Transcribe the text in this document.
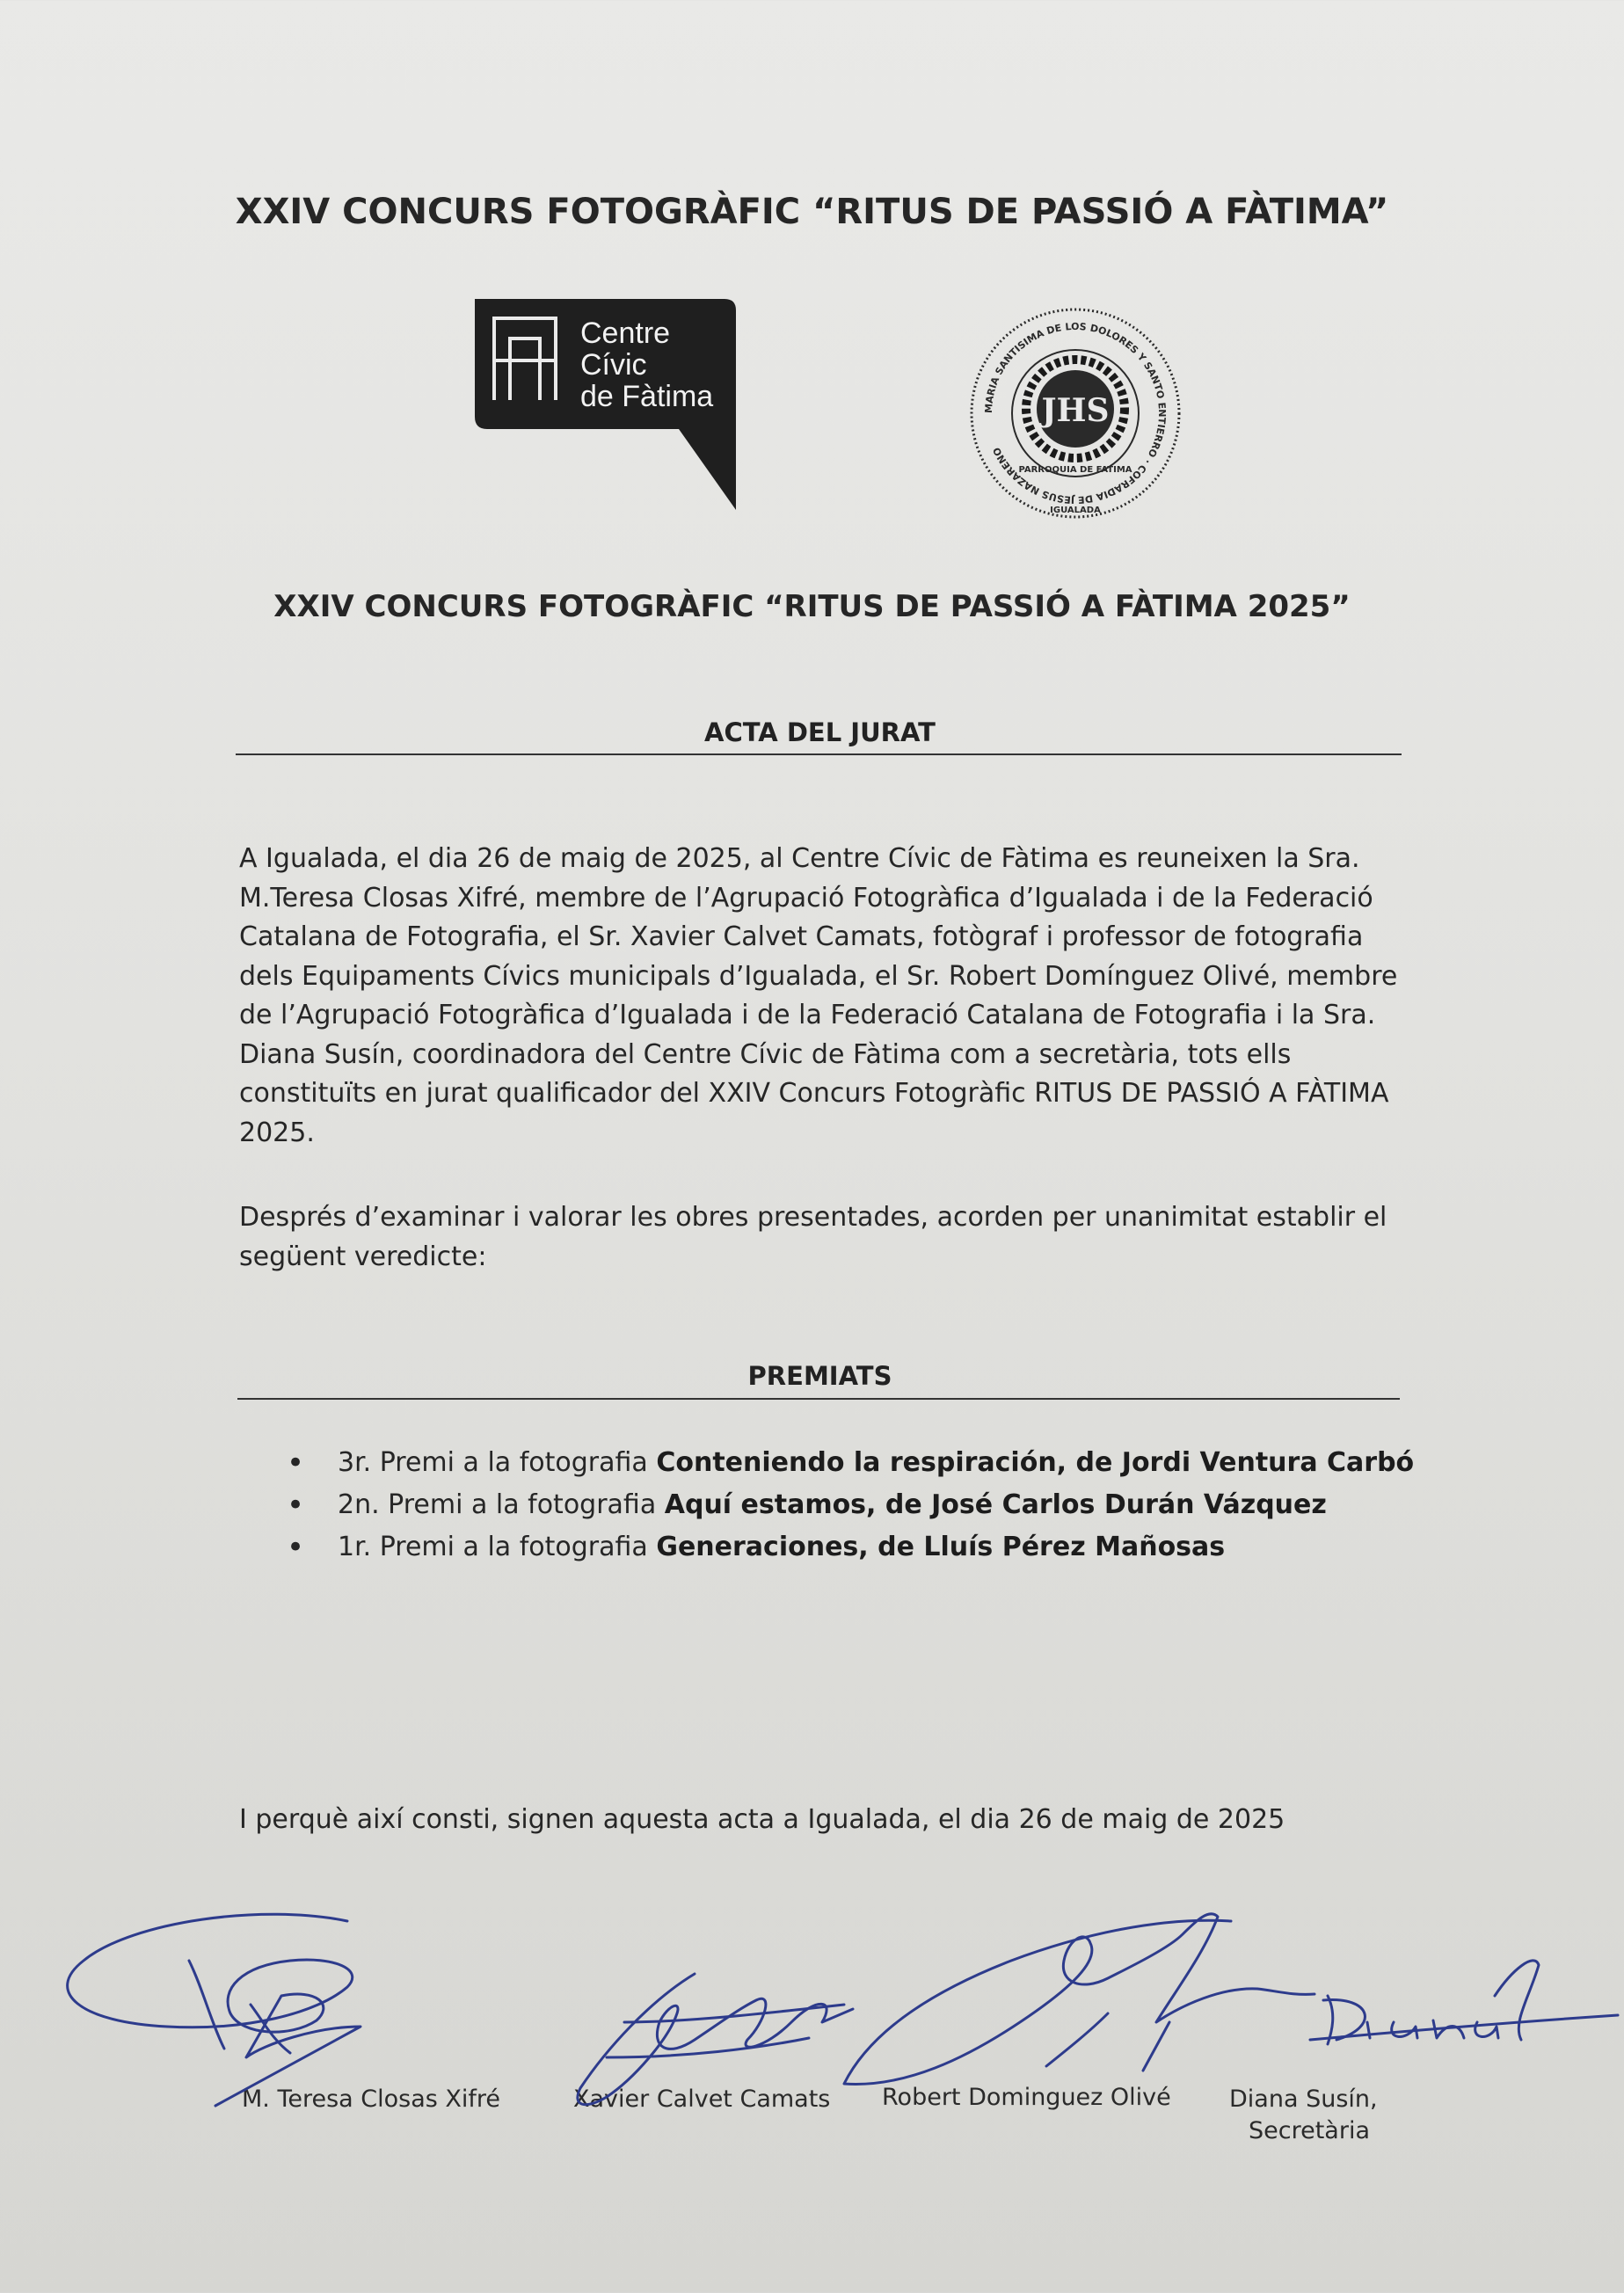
XXIV CONCURS FOTOGRÀFIC “RITUS DE PASSIÓ A FÀTIMA”
Centre
Cívic
de Fàtima	MARIA SANTISIMA DE LOS DOLORES Y SANTO ENTIERRO · COFRADIA DE JESUS NAZARENO
JHS
PARROQUIA DE FATIMA
IGUALADA
XXIV CONCURS FOTOGRÀFIC “RITUS DE PASSIÓ A FÀTIMA 2025”
ACTA DEL JURAT
A Igualada, el dia 26 de maig de 2025, al Centre Cívic de Fàtima es reuneixen la Sra.
M.Teresa Closas Xifré, membre de l’Agrupació Fotogràfica d’Igualada i de la Federació
Catalana de Fotografia, el Sr. Xavier Calvet Camats, fotògraf i professor de fotografia
dels Equipaments Cívics municipals d’Igualada, el Sr. Robert Domínguez Olivé, membre
de l’Agrupació Fotogràfica d’Igualada i de la Federació Catalana de Fotografia i la Sra.
Diana Susín, coordinadora del Centre Cívic de Fàtima com a secretària, tots ells
constituïts en jurat qualificador del XXIV Concurs Fotogràfic RITUS DE PASSIÓ A FÀTIMA
2025.
Després d’examinar i valorar les obres presentades, acorden per unanimitat establir el
següent veredicte:
PREMIATS
• 3r. Premi a la fotografia Conteniendo la respiración, de Jordi Ventura Carbó
• 2n. Premi a la fotografia Aquí estamos, de José Carlos Durán Vázquez
• 1r. Premi a la fotografia Generaciones, de Lluís Pérez Mañosas
I perquè així consti, signen aquesta acta a Igualada, el dia 26 de maig de 2025
M. Teresa Closas Xifré	Xavier Calvet Camats Robert Dominguez Olivé Diana Susín,
Secretària
